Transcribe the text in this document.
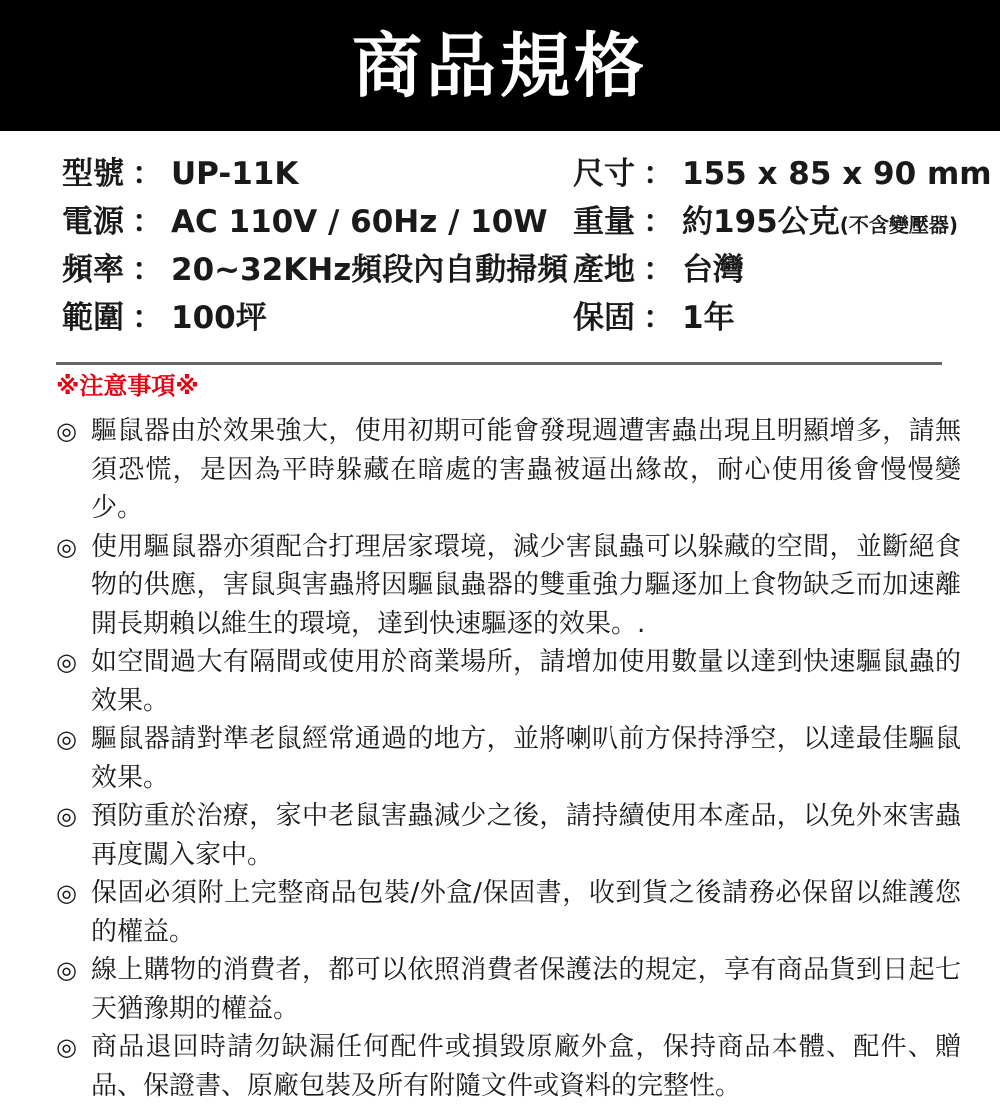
商品規格
型號 ： UP-11K	尺寸 ： 155 x 85 x 90 mm
電源 ： AC 110V / 60Hz / 10W 重量 ： 約195公克(不含變壓器)
頻率 ： 20~32KHz頻段內自動掃頻 產地 ： 台灣
範圍 ： 100坪	保固 ： 1年
※注意事項※
◎ 驅鼠器由於效果強大，使用初期可能會發現週遭害蟲出現且明顯增多，請無須恐慌，是因為平時躲藏在暗處的害蟲被逼出緣故，耐心使用後會慢慢變少。
◎ 使用驅鼠器亦須配合打理居家環境，減少害鼠蟲可以躲藏的空間，並斷絕食物的供應，害鼠與害蟲將因驅鼠蟲器的雙重強力驅逐加上食物缺乏而加速離開長期賴以維生的環境，達到快速驅逐的效果。.
◎ 如空間過大有隔間或使用於商業場所，請增加使用數量以達到快速驅鼠蟲的效果。
◎ 驅鼠器請對準老鼠經常通過的地方，並將喇叭前方保持淨空，以達最佳驅鼠效果。
◎ 預防重於治療，家中老鼠害蟲減少之後，請持續使用本產品，以免外來害蟲再度闖入家中。
◎ 保固必須附上完整商品包裝/外盒/保固書，收到貨之後請務必保留以維護您的權益。
◎ 線上購物的消費者，都可以依照消費者保護法的規定，享有商品貨到日起七天猶豫期的權益。
◎ 商品退回時請勿缺漏任何配件或損毀原廠外盒，保持商品本體、配件、贈品、保證書、原廠包裝及所有附隨文件或資料的完整性。
